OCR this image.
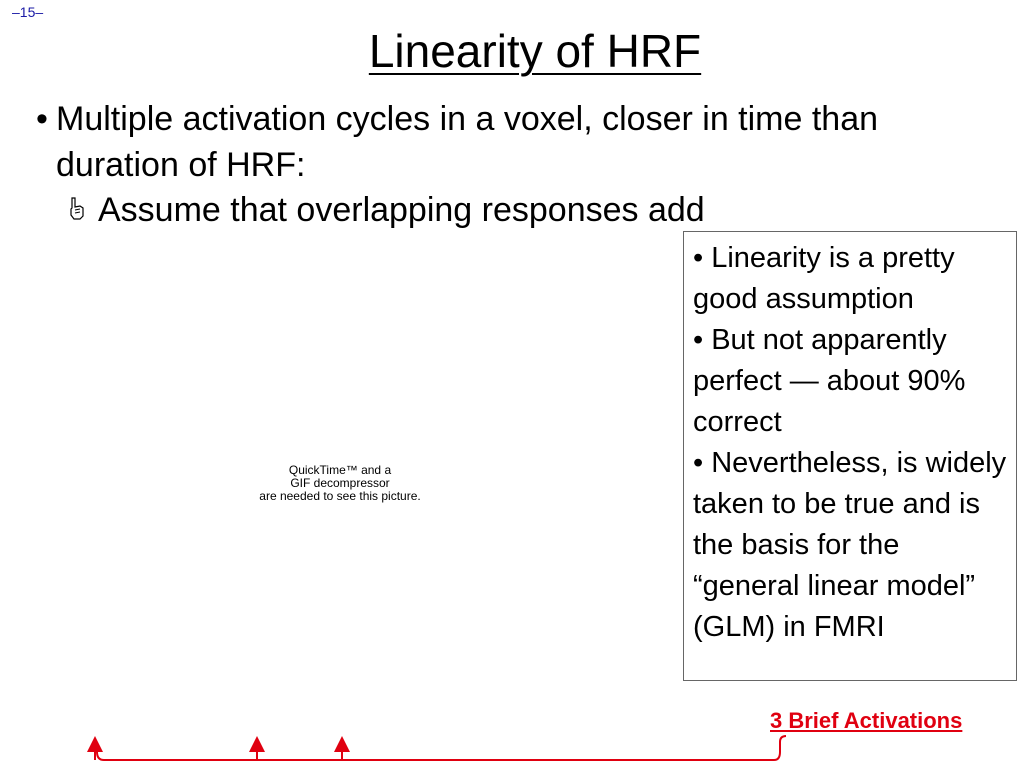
–15–
Linearity of HRF
• Multiple activation cycles in a voxel, closer in time than duration of HRF:
Assume that overlapping responses add
QuickTime™ and a
GIF decompressor
are needed to see this picture.

• Linearity is a pretty good assumption

• But not apparently perfect — about 90% correct

• Nevertheless, is widely taken to be true and is the basis for the “general linear model” (GLM) in FMRI

3 Brief Activations
